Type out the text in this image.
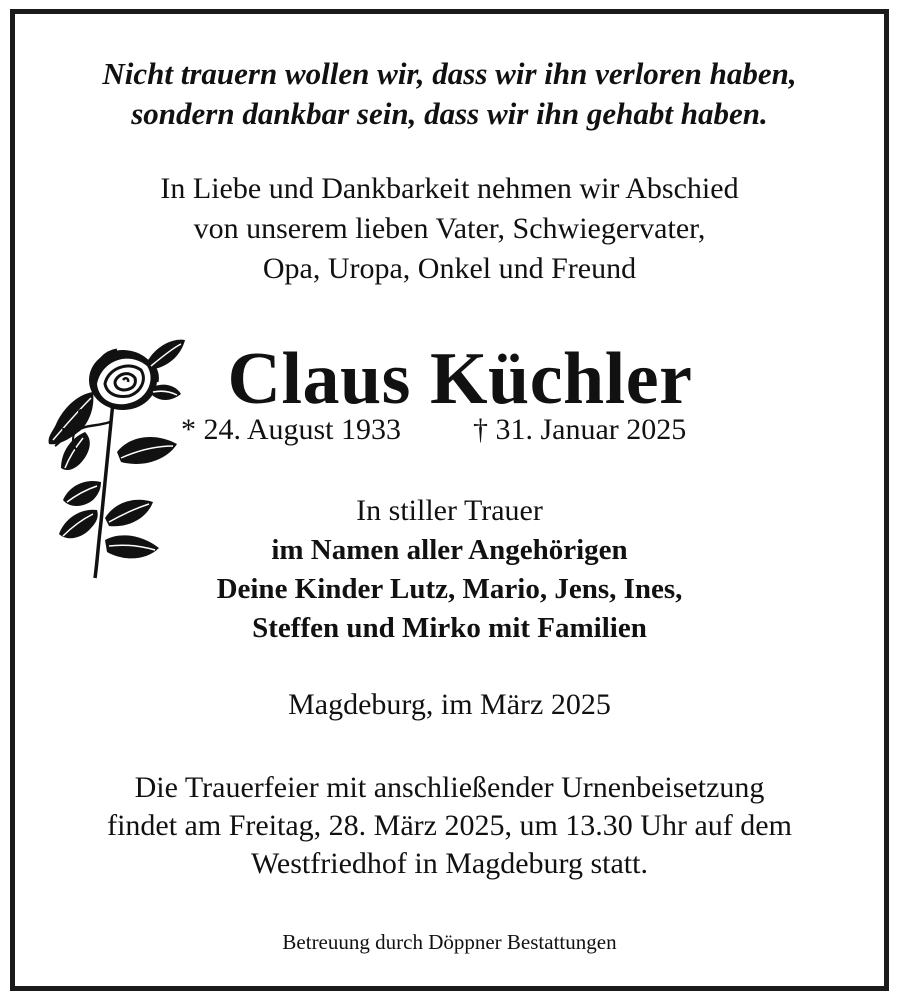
Nicht trauern wollen wir, dass wir ihn verloren haben,
sondern dankbar sein, dass wir ihn gehabt haben.
In Liebe und Dankbarkeit nehmen wir Abschied
von unserem lieben Vater, Schwiegervater,
Opa, Uropa, Onkel und Freund
Claus Küchler
* 24. August 1933 † 31. Januar 2025
In stiller Trauer
im Namen aller Angehörigen
Deine Kinder Lutz, Mario, Jens, Ines,
Steffen und Mirko mit Familien
Magdeburg, im März 2025
Die Trauerfeier mit anschließender Urnenbeisetzung
findet am Freitag, 28. März 2025, um 13.30 Uhr auf dem
Westfriedhof in Magdeburg statt.
Betreuung durch Döppner Bestattungen
